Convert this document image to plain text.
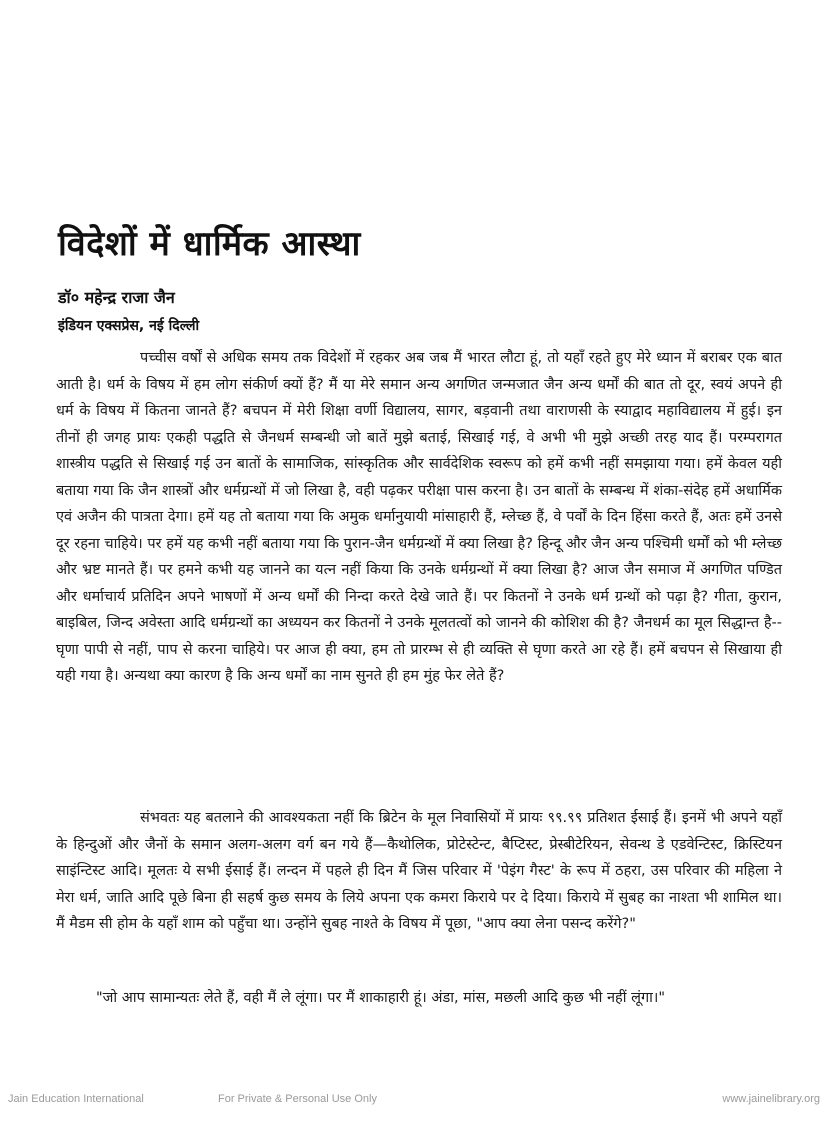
विदेशों में धार्मिक आस्था
डॉ० महेन्द्र राजा जैन
इंडियन एक्सप्रेस, नई दिल्ली

पच्चीस वर्षों से अधिक समय तक विदेशों में रहकर अब जब मैं भारत लौटा हूं, तो यहाँ रहते हुए मेरे ध्यान में बराबर एक बात आती है। धर्म के विषय में हम लोग संकीर्ण क्यों हैं? मैं या मेरे समान अन्य अगणित जन्मजात जैन अन्य धर्मों की बात तो दूर, स्वयं अपने ही धर्म के विषय में कितना जानते हैं? बचपन में मेरी शिक्षा वर्णी विद्यालय, सागर, बड़वानी तथा वाराणसी के स्याद्वाद महाविद्यालय में हुई। इन तीनों ही जगह प्रायः एकही पद्धति से जैनधर्म सम्बन्धी जो बातें मुझे बताई, सिखाई गई, वे अभी भी मुझे अच्छी तरह याद हैं। परम्परागत शास्त्रीय पद्धति से सिखाई गई उन बातों के सामाजिक, सांस्कृतिक और सार्वदेशिक स्वरूप को हमें कभी नहीं समझाया गया। हमें केवल यही बताया गया कि जैन शास्त्रों और धर्मग्रन्थों में जो लिखा है, वही पढ़कर परीक्षा पास करना है। उन बातों के सम्बन्ध में शंका-संदेह हमें अधार्मिक एवं अजैन की पात्रता देगा। हमें यह तो बताया गया कि अमुक धर्मानुयायी मांसाहारी हैं, म्लेच्छ हैं, वे पर्वों के दिन हिंसा करते हैं, अतः हमें उनसे दूर रहना चाहिये। पर हमें यह कभी नहीं बताया गया कि पुरान-जैन धर्मग्रन्थों में क्या लिखा है? हिन्दू और जैन अन्य पश्चिमी धर्मों को भी म्लेच्छ और भ्रष्ट मानते हैं। पर हमने कभी यह जानने का यत्न नहीं किया कि उनके धर्मग्रन्थों में क्या लिखा है? आज जैन समाज में अगणित पण्डित और धर्माचार्य प्रतिदिन अपने भाषणों में अन्य धर्मों की निन्दा करते देखे जाते हैं। पर कितनों ने उनके धर्म ग्रन्थों को पढ़ा है? गीता, कुरान, बाइबिल, जिन्द अवेस्ता आदि धर्मग्रन्थों का अध्ययन कर कितनों ने उनके मूलतत्वों को जानने की कोशिश की है? जैनधर्म का मूल सिद्धान्त है--घृणा पापी से नहीं, पाप से करना चाहिये। पर आज ही क्या, हम तो प्रारम्भ से ही व्यक्ति से घृणा करते आ रहे हैं। हमें बचपन से सिखाया ही यही गया है। अन्यथा क्या कारण है कि अन्य धर्मों का नाम सुनते ही हम मुंह फेर लेते हैं?

संभवतः यह बतलाने की आवश्यकता नहीं कि ब्रिटेन के मूल निवासियों में प्रायः ९९.९९ प्रतिशत ईसाई हैं। इनमें भी अपने यहाँ के हिन्दुओं और जैनों के समान अलग-अलग वर्ग बन गये हैं—कैथोलिक, प्रोटेस्टेन्ट, बैप्टिस्ट, प्रेस्बीटेरियन, सेवन्थ डे एडवेन्टिस्ट, क्रिस्टियन साइंन्टिस्ट आदि। मूलतः ये सभी ईसाई हैं। लन्दन में पहले ही दिन मैं जिस परिवार में 'पेइंग गैस्ट' के रूप में ठहरा, उस परिवार की महिला ने मेरा धर्म, जाति आदि पूछे बिना ही सहर्ष कुछ समय के लिये अपना एक कमरा किराये पर दे दिया। किराये में सुबह का नाश्ता भी शामिल था। मैं मैडम सी होम के यहाँ शाम को पहुँचा था। उन्होंने सुबह नाश्ते के विषय में पूछा, "आप क्या लेना पसन्द करेंगे?"

"जो आप सामान्यतः लेते हैं, वही मैं ले लूंगा। पर मैं शाकाहारी हूं। अंडा, मांस, मछली आदि कुछ भी नहीं लूंगा।"

Jain Education International	For Private & Personal Use Only	www.jainelibrary.org
